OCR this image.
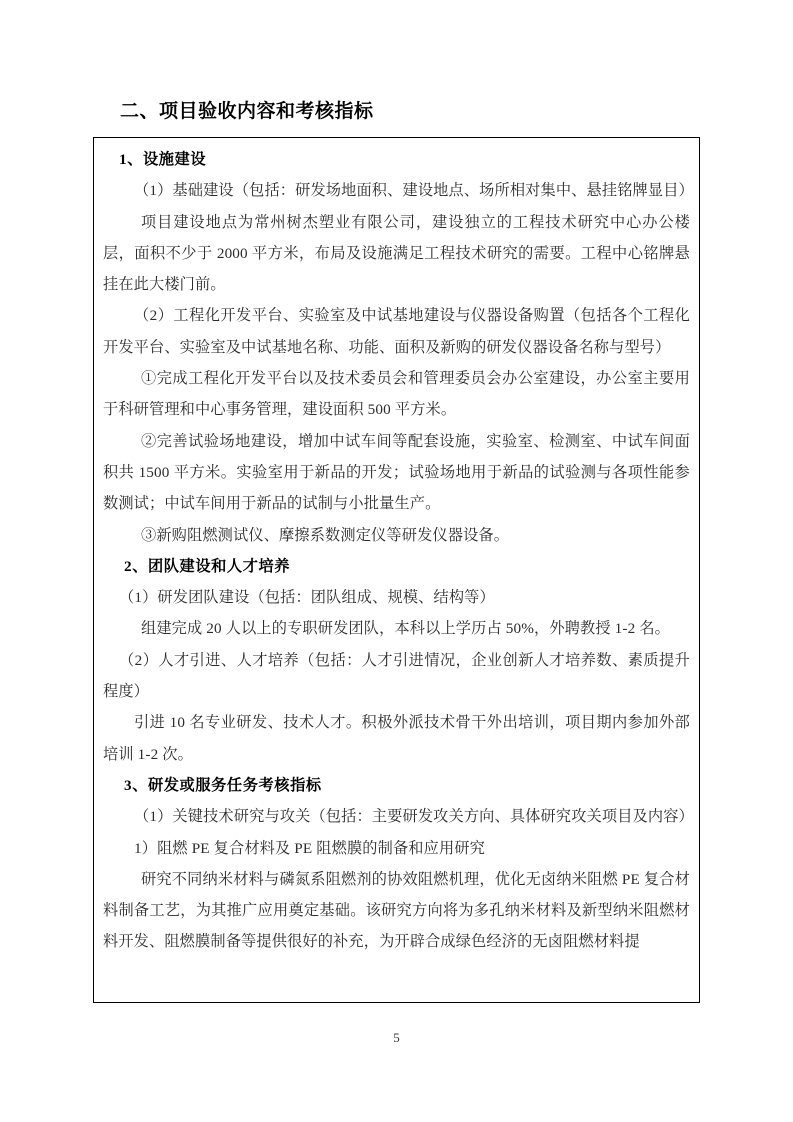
二、项目验收内容和考核指标

1、设施建设

（1）基础建设（包括：研发场地面积、建设地点、场所相对集中、悬挂铭牌显目）

项目建设地点为常州树杰塑业有限公司，建设独立的工程技术研究中心办公楼层，面积不少于 2000 平方米，布局及设施满足工程技术研究的需要。工程中心铭牌悬挂在此大楼门前。

（2）工程化开发平台、实验室及中试基地建设与仪器设备购置（包括各个工程化开发平台、实验室及中试基地名称、功能、面积及新购的研发仪器设备名称与型号）

①完成工程化开发平台以及技术委员会和管理委员会办公室建设，办公室主要用于科研管理和中心事务管理，建设面积 500 平方米。

②完善试验场地建设，增加中试车间等配套设施，实验室、检测室、中试车间面积共 1500 平方米。实验室用于新品的开发；试验场地用于新品的试验测与各项性能参数测试；中试车间用于新品的试制与小批量生产。

③新购阻燃测试仪、摩擦系数测定仪等研发仪器设备。

2、团队建设和人才培养

（1）研发团队建设（包括：团队组成、规模、结构等）

组建完成 20 人以上的专职研发团队，本科以上学历占 50%，外聘教授 1-2 名。

（2）人才引进、人才培养（包括：人才引进情况，企业创新人才培养数、素质提升程度）

引进 10 名专业研发、技术人才。积极外派技术骨干外出培训，项目期内参加外部培训 1-2 次。

3、研发或服务任务考核指标

（1）关键技术研究与攻关（包括：主要研发攻关方向、具体研究攻关项目及内容）

1）阻燃 PE 复合材料及 PE 阻燃膜的制备和应用研究

研究不同纳米材料与磷氮系阻燃剂的协效阻燃机理，优化无卤纳米阻燃 PE 复合材料制备工艺，为其推广应用奠定基础。该研究方向将为多孔纳米材料及新型纳米阻燃材料开发、阻燃膜制备等提供很好的补充，为开辟合成绿色经济的无卤阻燃材料提

5
